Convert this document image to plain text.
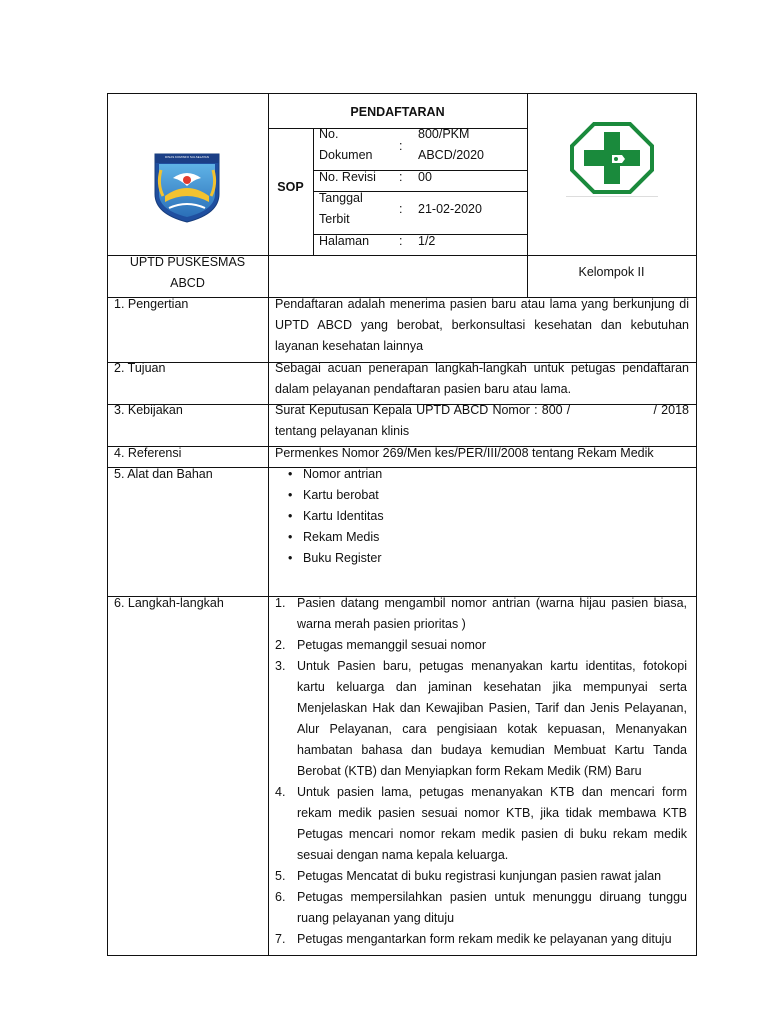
DINAS KOMINFO SULSELATAN
PENDAFTARAN
SOP
No.
Dokumen
:
800/PKM
ABCD/2020
No. Revisi : 00
Tanggal
Terbit
: 21-02-2020
Halaman : 1/2
UPTD PUSKESMAS
ABCD
Kelompok II
1. Pengertian	Pendaftaran adalah menerima pasien baru atau lama yang berkunjung di
UPTD ABCD yang berobat, berkonsultasi kesehatan dan kebutuhan
layanan kesehatan lainnya
2. Tujuan	Sebagai acuan penerapan langkah-langkah untuk petugas pendaftaran
dalam pelayanan pendaftaran pasien baru atau lama.
3. Kebijakan	Surat Keputusan Kepala UPTD ABCD Nomor : 800 /                    / 2018
tentang pelayanan klinis
4. Referensi	Permenkes Nomor 269/Men kes/PER/III/2008 tentang Rekam Medik
5. Alat dan Bahan
•	Nomor antrian
• Kartu berobat
• Kartu Identitas
• Rekam Medis
• Buku Register
6. Langkah-langkah	1. Pasien datang mengambil nomor antrian (warna hijau pasien biasa,
warna merah pasien prioritas )
2. Petugas memanggil sesuai nomor
3. Untuk Pasien baru, petugas menanyakan kartu identitas, fotokopi
kartu keluarga dan jaminan kesehatan jika mempunyai serta
Menjelaskan Hak dan Kewajiban Pasien, Tarif dan Jenis Pelayanan,
Alur Pelayanan, cara pengisiaan kotak kepuasan, Menanyakan
hambatan bahasa dan budaya kemudian Membuat Kartu Tanda
Berobat (KTB) dan Menyiapkan form Rekam Medik (RM) Baru
4. Untuk pasien lama, petugas menanyakan KTB dan mencari form
rekam medik pasien sesuai nomor KTB, jika tidak membawa KTB
Petugas mencari nomor rekam medik pasien di buku rekam medik
sesuai dengan nama kepala keluarga.
5. Petugas Mencatat di buku registrasi kunjungan pasien rawat jalan
6. Petugas mempersilahkan pasien untuk menunggu diruang tunggu
ruang pelayanan yang dituju
7. Petugas mengantarkan form rekam medik ke pelayanan yang dituju
